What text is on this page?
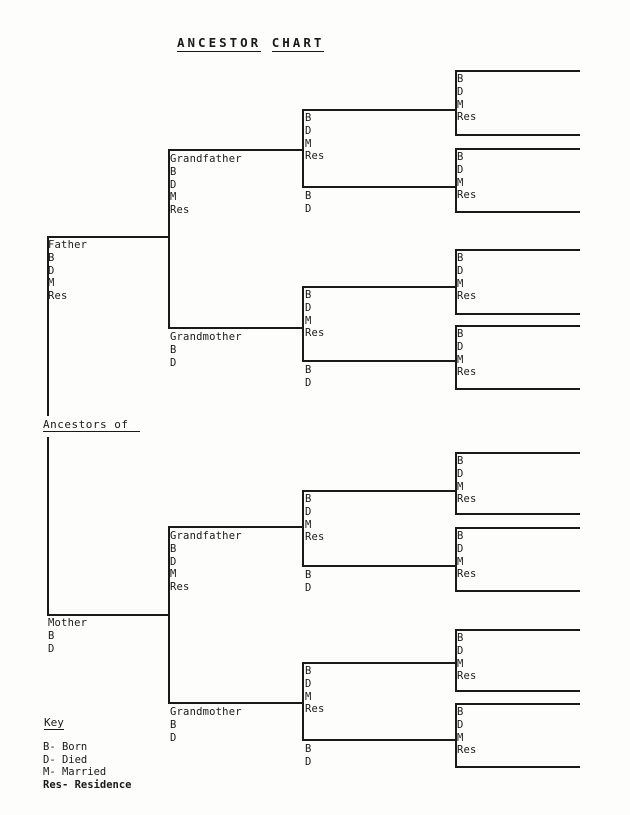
ANCESTOR CHART
Father
B
D
M
Res
Mother
B
D
Grandfather
B
D
M
Res
Grandmother
B
D
Grandfather
B
D
M
Res
Grandmother
B
D
B
D
M
Res
B
D
B
D
M
Res
B
D
B
D
M
Res
B
D
B
D
M
Res
B
D
B
D
M
Res
B
D
M
Res
B
D
M
Res
B
D
M
Res
B
D
M
Res
B
D
M
Res
B
D
M
Res
B
D
M
Res
Ancestors of
Key
B- Born
D- Died
M- Married
Res- Residence
